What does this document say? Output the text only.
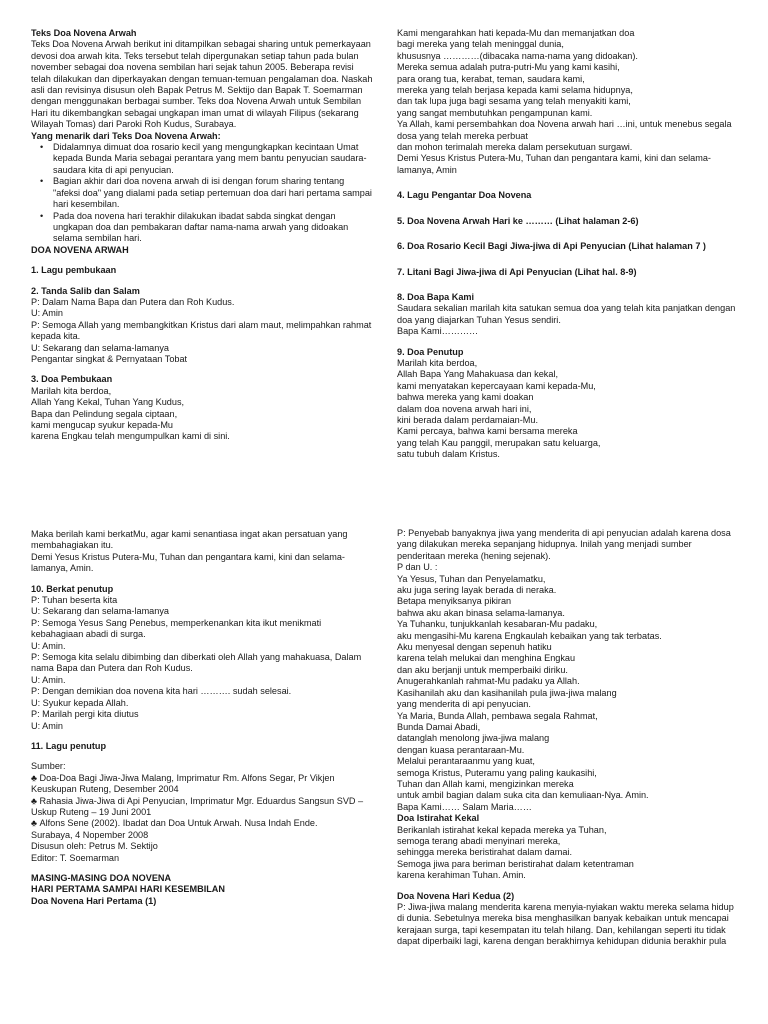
Teks Doa Novena Arwah
Teks Doa Novena Arwah berikut ini ditampilkan sebagai sharing untuk pemerkayaan
devosi doa arwah kita. Teks tersebut telah dipergunakan setiap tahun pada bulan
november sebagai doa novena sembilan hari sejak tahun 2005. Beberapa revisi
telah dilakukan dan diperkayakan dengan temuan-temuan pengalaman doa. Naskah
asli dan revisinya disusun oleh Bapak Petrus M. Sektijo dan Bapak T. Soemarman
dengan menggunakan berbagai sumber. Teks doa Novena Arwah untuk Sembilan
Hari itu dikembangkan sebagai ungkapan iman umat di wilayah Filipus (sekarang
Wilayah Tomas) dari Paroki Roh Kudus, Surabaya.
Yang menarik dari Teks Doa Novena Arwah:
• Didalamnya dimuat doa rosario kecil yang mengungkapkan kecintaan Umat
kepada Bunda Maria sebagai perantara yang mem bantu penyucian saudara-
saudara kita di api penyucian.
• Bagian akhir dari doa novena arwah di isi dengan forum sharing tentang
"afeksi doa" yang dialami pada setiap pertemuan doa dari hari pertama sampai
hari kesembilan.
• Pada doa novena hari terakhir dilakukan ibadat sabda singkat dengan
ungkapan doa dan pembakaran daftar nama-nama arwah yang didoakan
selama sembilan hari.
DOA NOVENA ARWAH
1. Lagu pembukaan
2. Tanda Salib dan Salam
P: Dalam Nama Bapa dan Putera dan Roh Kudus.
U: Amin
P: Semoga Allah yang membangkitkan Kristus dari alam maut, melimpahkan rahmat
kepada kita.
U: Sekarang dan selama-lamanya
Pengantar singkat & Pernyataan Tobat
3. Doa Pembukaan
Marilah kita berdoa,
Allah Yang Kekal, Tuhan Yang Kudus,
Bapa dan Pelindung segala ciptaan,
kami mengucap syukur kepada-Mu
karena Engkau telah mengumpulkan kami di sini.
Kami mengarahkan hati kepada-Mu dan memanjatkan doa
bagi mereka yang telah meninggal dunia,
khususnya …………(dibacaka nama-nama yang didoakan).
Mereka semua adalah putra-putri-Mu yang kami kasihi,
para orang tua, kerabat, teman, saudara kami,
mereka yang telah berjasa kepada kami selama hidupnya,
dan tak lupa juga bagi sesama yang telah menyakiti kami,
yang sangat membutuhkan pengampunan kami.
Ya Allah, kami persembahkan doa Novena arwah hari …ini, untuk menebus segala
dosa yang telah mereka perbuat
dan mohon terimalah mereka dalam persekutuan surgawi.
Demi Yesus Kristus Putera-Mu, Tuhan dan pengantara kami, kini dan selama-
lamanya, Amin
4. Lagu Pengantar Doa Novena
5. Doa Novena Arwah Hari ke ……… (Lihat halaman 2-6)
6. Doa Rosario Kecil Bagi Jiwa-jiwa di Api Penyucian (Lihat halaman 7 )
7. Litani Bagi Jiwa-jiwa di Api Penyucian (Lihat hal. 8-9)
8. Doa Bapa Kami
Saudara sekalian marilah kita satukan semua doa yang telah kita panjatkan dengan
doa yang diajarkan Tuhan Yesus sendiri.
Bapa Kami…………
9. Doa Penutup
Marilah kita berdoa,
Allah Bapa Yang Mahakuasa dan kekal,
kami menyatakan kepercayaan kami kepada-Mu,
bahwa mereka yang kami doakan
dalam doa novena arwah hari ini,
kini berada dalam perdamaian-Mu.
Kami percaya, bahwa kami bersama mereka
yang telah Kau panggil, merupakan satu keluarga,
satu tubuh dalam Kristus.
Maka berilah kami berkatMu, agar kami senantiasa ingat akan persatuan yang
membahagiakan itu.
Demi Yesus Kristus Putera-Mu, Tuhan dan pengantara kami, kini dan selama-
lamanya, Amin.
10. Berkat penutup
P: Tuhan beserta kita
U: Sekarang dan selama-lamanya
P: Semoga Yesus Sang Penebus, memperkenankan kita ikut menikmati
kebahagiaan abadi di surga.
U: Amin.
P: Semoga kita selalu dibimbing dan diberkati oleh Allah yang mahakuasa, Dalam
nama Bapa dan Putera dan Roh Kudus.
U: Amin.
P: Dengan demikian doa novena kita hari ………. sudah selesai.
U: Syukur kepada Allah.
P: Marilah pergi kita diutus
U: Amin
11. Lagu penutup
Sumber:
♣ Doa-Doa Bagi Jiwa-Jiwa Malang, Imprimatur Rm. Alfons Segar, Pr Vikjen
Keuskupan Ruteng, Desember 2004
♣ Rahasia Jiwa-Jiwa di Api Penyucian, Imprimatur Mgr. Eduardus Sangsun SVD –
Uskup Ruteng – 19 Juni 2001
♣ Alfons Sene (2002). Ibadat dan Doa Untuk Arwah. Nusa Indah Ende.
Surabaya, 4 Nopember 2008
Disusun oleh: Petrus M. Sektijo
Editor: T. Soemarman
MASING-MASING DOA NOVENA
HARI PERTAMA SAMPAI HARI KESEMBILAN
Doa Novena Hari Pertama (1)
P: Penyebab banyaknya jiwa yang menderita di api penyucian adalah karena dosa
yang dilakukan mereka sepanjang hidupnya. Inilah yang menjadi sumber
penderitaan mereka (hening sejenak).
P dan U. :
Ya Yesus, Tuhan dan Penyelamatku,
aku juga sering layak berada di neraka.
Betapa menyiksanya pikiran
bahwa aku akan binasa selama-lamanya.
Ya Tuhanku, tunjukkanlah kesabaran-Mu padaku,
aku mengasihi-Mu karena Engkaulah kebaikan yang tak terbatas.
Aku menyesal dengan sepenuh hatiku
karena telah melukai dan menghina Engkau
dan aku berjanji untuk memperbaiki diriku.
Anugerahkanlah rahmat-Mu padaku ya Allah.
Kasihanilah aku dan kasihanilah pula jiwa-jiwa malang
yang menderita di api penyucian.
Ya Maria, Bunda Allah, pembawa segala Rahmat,
Bunda Damai Abadi,
datanglah menolong jiwa-jiwa malang
dengan kuasa perantaraan-Mu.
Melalui perantaraanmu yang kuat,
semoga Kristus, Puteramu yang paling kaukasihi,
Tuhan dan Allah kami, mengizinkan mereka
untuk ambil bagian dalam suka cita dan kemuliaan-Nya. Amin.
Bapa Kami…… Salam Maria……
Doa Istirahat Kekal
Berikanlah istirahat kekal kepada mereka ya Tuhan,
semoga terang abadi menyinari mereka,
sehingga mereka beristirahat dalam damai.
Semoga jiwa para beriman beristirahat dalam ketentraman
karena kerahiman Tuhan. Amin.
Doa Novena Hari Kedua (2)
P: Jiwa-jiwa malang menderita karena menyia-nyiakan waktu mereka selama hidup
di dunia. Sebetulnya mereka bisa menghasilkan banyak kebaikan untuk mencapai
kerajaan surga, tapi kesempatan itu telah hilang. Dan, kehilangan seperti itu tidak
dapat diperbaiki lagi, karena dengan berakhirnya kehidupan didunia berakhir pula
